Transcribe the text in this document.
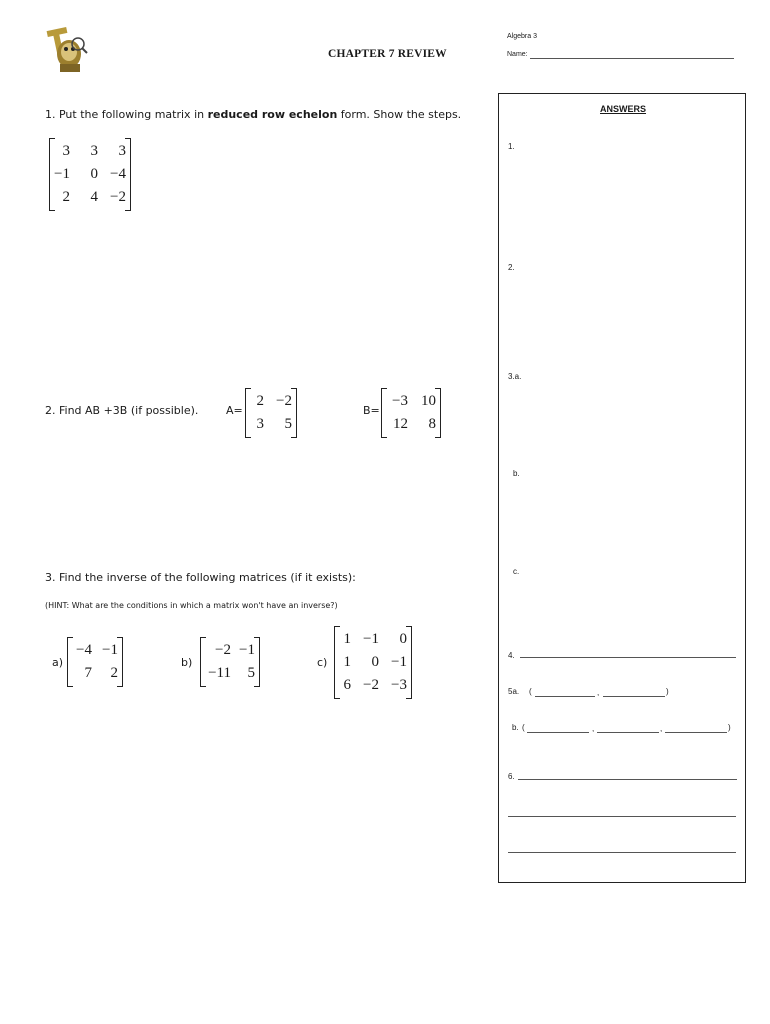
CHAPTER 7 REVIEW
Algebra 3
Name:
1. Put the following matrix in reduced row echelon form. Show the steps.
3	3	3
−1	0 −4
2	4 −2
2. Find AB +3B (if possible).	A=
2 −2
3	5
B=
−3 10
12	8
3. Find the inverse of the following matrices (if it exists):
(HINT: What are the conditions in which a matrix won't have an inverse?)
a)
−4 −1
7	2
b)
−2 −1
−11	5
c)
1 −1	0
1	0 −1
6 −2 −3
ANSWERS
1.
2.
3.a.
b.
c.
4.
5a. (	,	)
b. (	,	,	)
6.
